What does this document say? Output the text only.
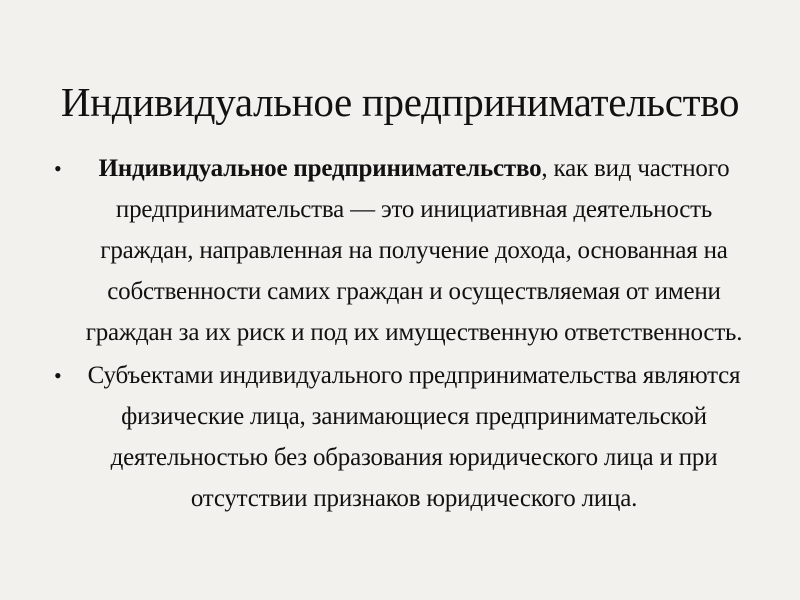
Индивидуальное предпринимательство
• Индивидуальное предпринимательство, как вид частного предпринимательства — это инициативная деятельность граждан, направленная на получение дохода, основанная на собственности самих граждан и осуществляемая от имени граждан за их риск и под их имущественную ответственность.
• Субъектами индивидуального предпринимательства являются физические лица, занимающиеся предпринимательской деятельностью без образования юридического лица и при отсутствии признаков юридического лица.
